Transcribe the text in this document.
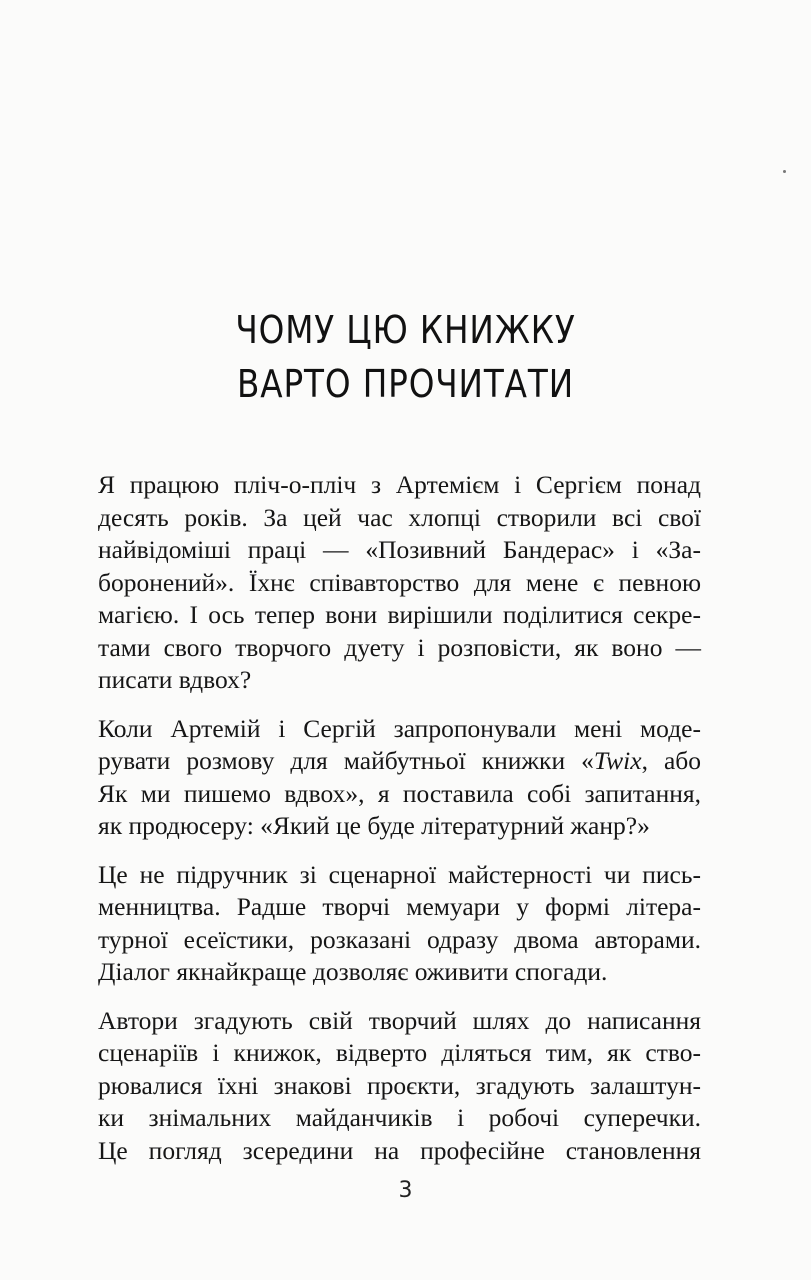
ЧОМУ ЦЮ КНИЖКУ
ВАРТО ПРОЧИТАТИ
Я працюю пліч-о-пліч з Артемієм і Сергієм понад
десять років. За цей час хлопці створили всі свої
найвідоміші праці — «Позивний Бандерас» і «За-
боронений». Їхнє співавторство для мене є певною
магією. І ось тепер вони вирішили поділитися секре-
тами свого творчого дуету і розповісти, як воно —
писати вдвох?
Коли Артемій і Сергій запропонували мені моде-
рувати розмову для майбутньої книжки «Twix, або
Як ми пишемо вдвох», я поставила собі запитання,
як продюсеру: «Який це буде літературний жанр?»
Це не підручник зі сценарної майстерності чи пись-
менництва. Радше творчі мемуари у формі літера-
турної есеїстики, розказані одразу двома авторами.
Діалог якнайкраще дозволяє оживити спогади.
Автори згадують свій творчий шлях до написання
сценаріїв і книжок, відверто діляться тим, як ство-
рювалися їхні знакові проєкти, згадують залаштун-
ки знімальних майданчиків і робочі суперечки.
Це погляд зсередини на професійне становлення
3
